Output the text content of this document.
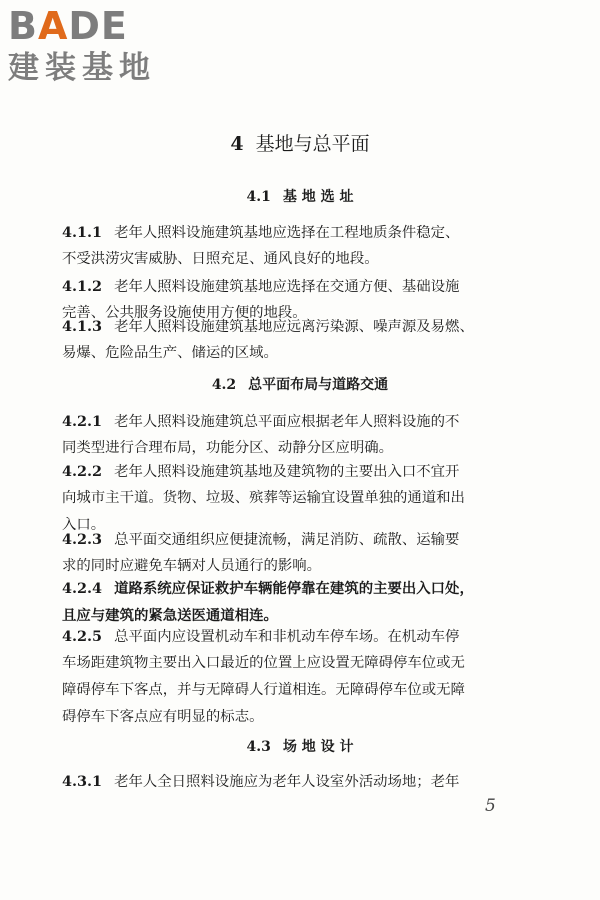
BADE
建装基地
4 基地与总平面
4.1 基 地 选 址
4.1.1 老年人照料设施建筑基地应选择在工程地质条件稳定、
不受洪涝灾害威胁、日照充足、通风良好的地段。
4.1.2 老年人照料设施建筑基地应选择在交通方便、基础设施
完善、公共服务设施使用方便的地段。
4.1.3 老年人照料设施建筑基地应远离污染源、噪声源及易燃、
易爆、危险品生产、储运的区域。
4.2 总平面布局与道路交通
4.2.1 老年人照料设施建筑总平面应根据老年人照料设施的不
同类型进行合理布局，功能分区、动静分区应明确。
4.2.2 老年人照料设施建筑基地及建筑物的主要出入口不宜开
向城市主干道。货物、垃圾、殡葬等运输宜设置单独的通道和出
入口。
4.2.3 总平面交通组织应便捷流畅，满足消防、疏散、运输要
求的同时应避免车辆对人员通行的影响。
4.2.4 道路系统应保证救护车辆能停靠在建筑的主要出入口处，
且应与建筑的紧急送医通道相连。
4.2.5 总平面内应设置机动车和非机动车停车场。在机动车停
车场距建筑物主要出入口最近的位置上应设置无障碍停车位或无
障碍停车下客点，并与无障碍人行道相连。无障碍停车位或无障
碍停车下客点应有明显的标志。
4.3 场 地 设 计
4.3.1 老年人全日照料设施应为老年人设室外活动场地；老年
5
